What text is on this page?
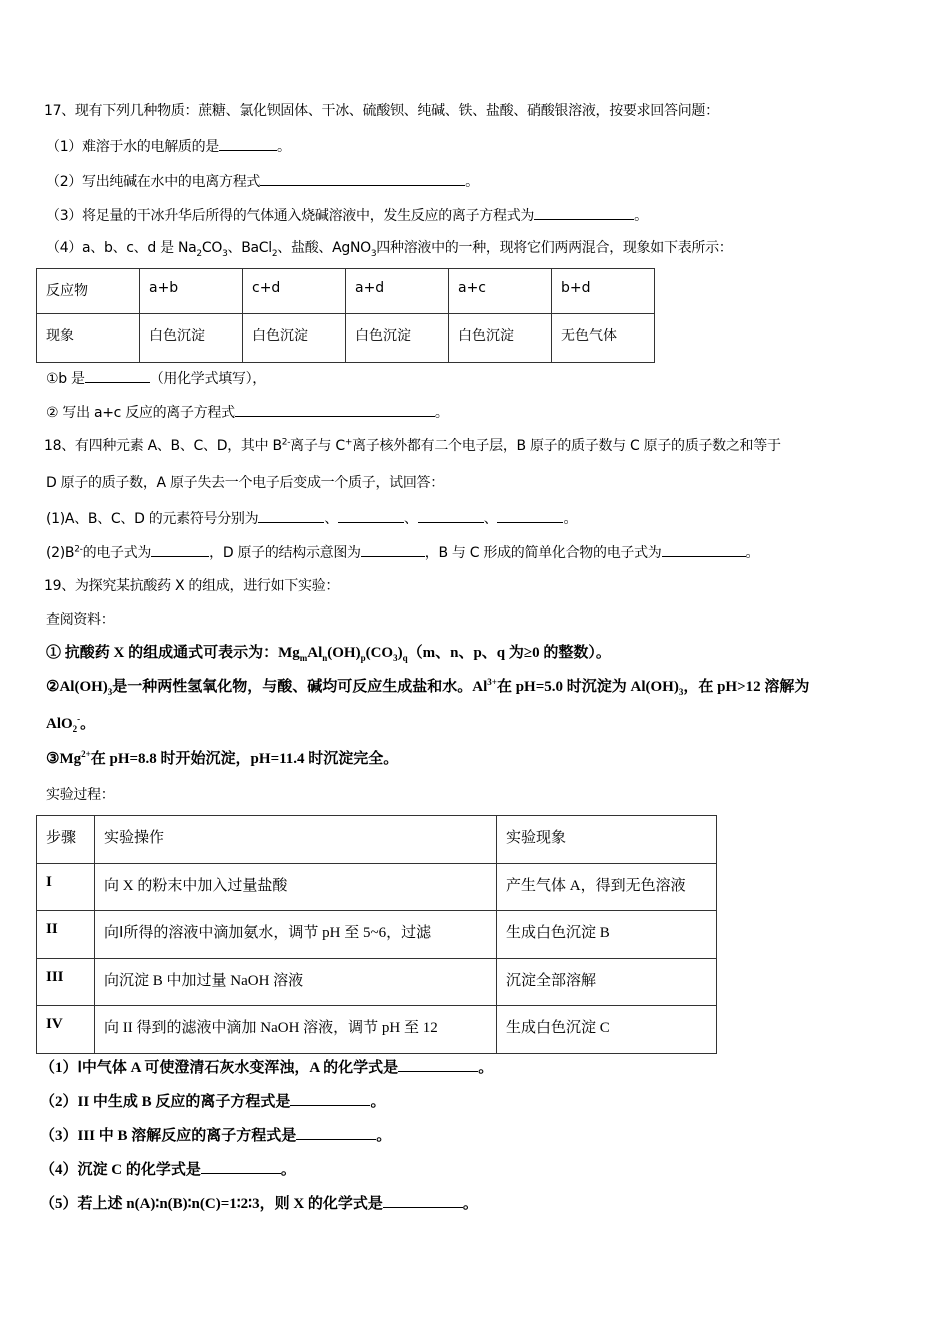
17、现有下列几种物质：蔗糖、氯化钡固体、干冰、硫酸钡、纯碱、铁、盐酸、硝酸银溶液，按要求回答问题：
（1）难溶于水的电解质的是	。
（2）写出纯碱在水中的电离方程式	。
（3）将足量的干冰升华后所得的气体通入烧碱溶液中，发生反应的离子方程式为	。
（4）a、b、c、d 是 $Na_2CO_3$、BaCl$_2$、盐酸、AgNO$_3$四种溶液中的一种，现将它们两两混合，现象如下表所示：
反应物	a+b	c+d	a+d	a+c	b+d
现象	白色沉淀	白色沉淀	白色沉淀	白色沉淀	无色气体
①b 是	（用化学式填写），
② 写出 a+c 反应的离子方程式	。
18、有四种元素 A、B、C、D，其中 $B^{2-}$离子与 C+离子核外都有二个电子层，B 原子的质子数与 C 原子的质子数之和等于
D 原子的质子数，A 原子失去一个电子后变成一个质子，试回答：
(1)A、B、C、D 的元素符号分别为	、	、	、	。
$(2)B^{2-}$的电子式为	，D 原子的结构示意图为	，B 与 C 形成的简单化合物的电子式为	。
19、为探究某抗酸药 X 的组成，进行如下实验：
查阅资料：
① 抗酸药 X 的组成通式可表示为：$Mg_mAl_n(OH)_p(CO_3)_q(m$、n、p、q 为≥0 的整数）。
$②Al(OH)_3$是一种两性氢氧化物，与酸、碱均可反应生成盐和水。$Al^{3+}$在 pH=5.0 时沉淀为 $Al(OH)_3$，在 pH>12 溶解为
AlO$_2$-。
$③Mg^{2+}$在 pH=8.8 时开始沉淀，pH=11.4 时沉淀完全。
实验过程：
步骤	实验操作	实验现象
I	向 X 的粉末中加入过量盐酸	产生气体 A，得到无色溶液
II	向Ⅰ所得的溶液中滴加氨水，调节 pH 至 5~6，过滤	生成白色沉淀 B
III	向沉淀 B 中加过量 NaOH 溶液	沉淀全部溶解
IV	向 II 得到的滤液中滴加 NaOH 溶液，调节 pH 至 12	生成白色沉淀 C
（1）Ⅰ中气体 A 可使澄清石灰水变浑浊，A 的化学式是	。
（2）II 中生成 B 反应的离子方程式是	。
（3）III 中 B 溶解反应的离子方程式是	。
（4）沉淀 C 的化学式是	。
（5）若上述 n(A)∶n(B)∶n(C)=1∶2∶3，则 X 的化学式是	。
